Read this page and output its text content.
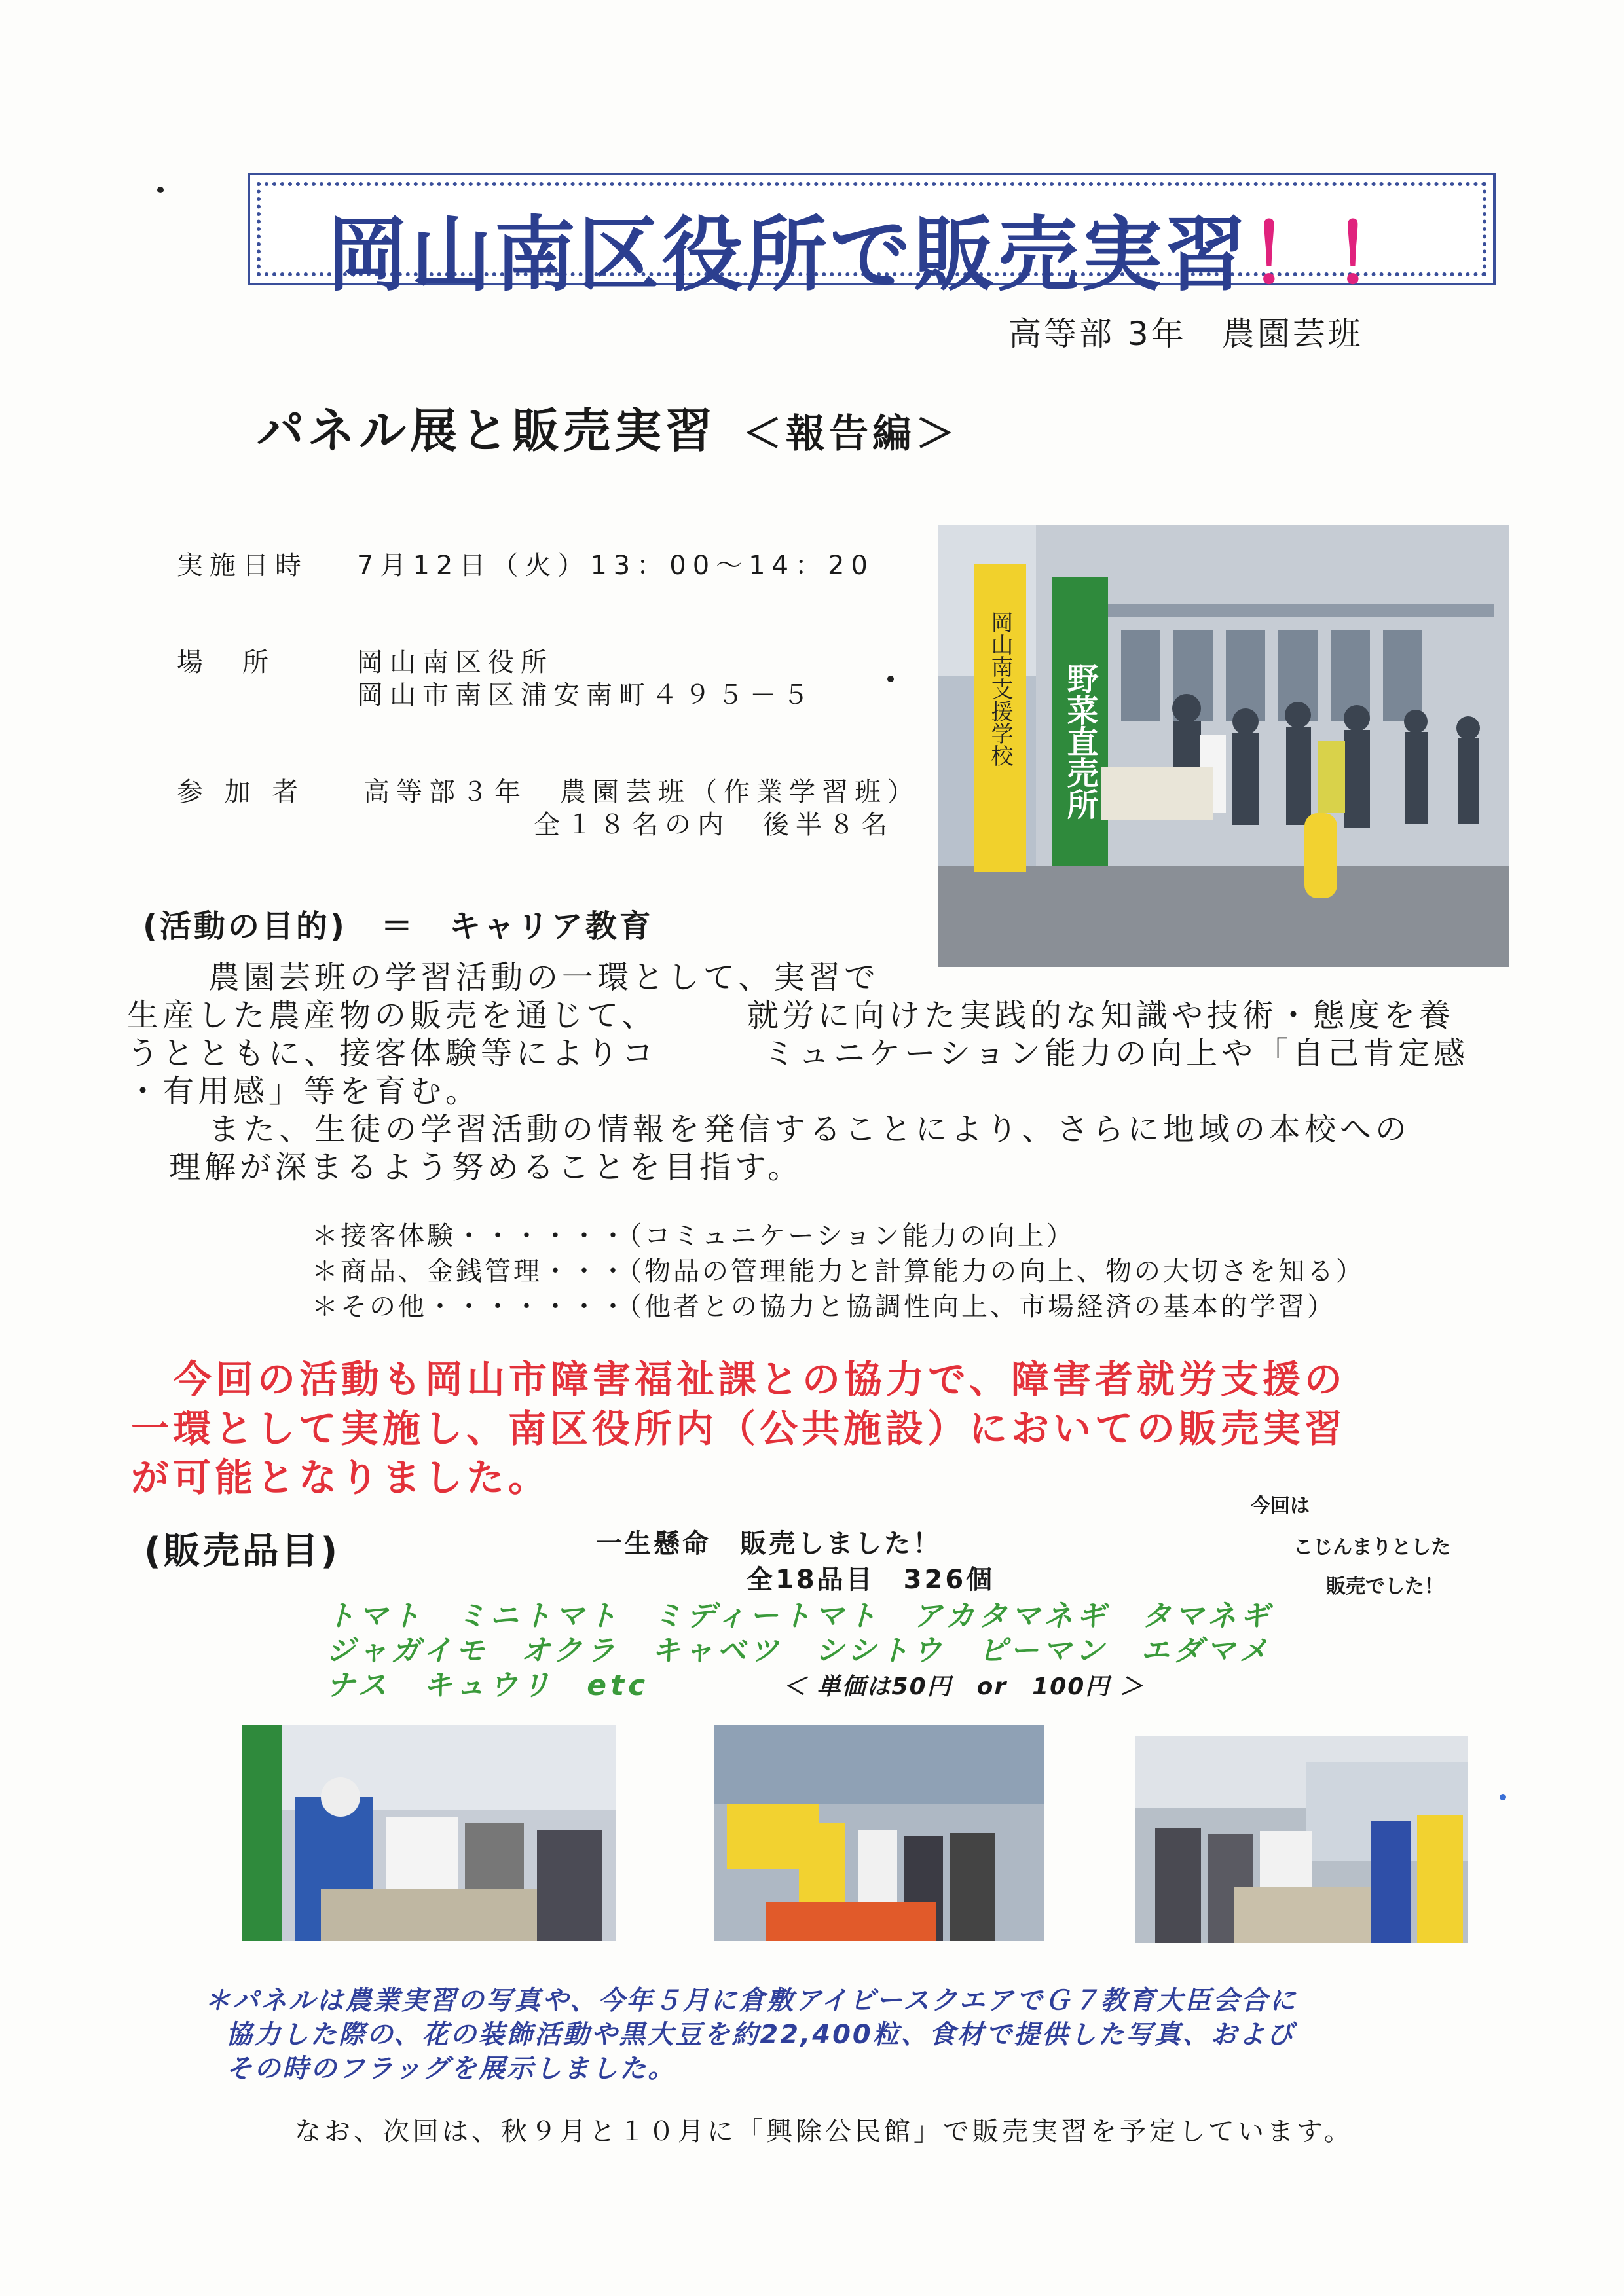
岡山南区役所で販売実習！！
高等部 3年　農園芸班
パネル展と販売実習 ＜報告編＞
実施日時 7月12日（火）13：00～14：20
場　所	岡山南区役所
岡山市南区浦安南町４９５－５
参 加 者 高等部３年　農園芸班（作業学習班）
全１８名の内　後半８名
岡山南支援学校 野菜直売所
(活動の目的)　＝　キャリア教育
農園芸班の学習活動の一環として、実習で
生産した農産物の販売を通じて、　　　就労に向けた実践的な知識や技術・態度を養
うとともに、接客体験等によりコ　　　ミュニケーション能力の向上や「自己肯定感
・有用感」等を育む。
また、生徒の学習活動の情報を発信することにより、さらに地域の本校への
理解が深まるよう努めることを目指す。
＊接客体験・・・・・・（コミュニケーション能力の向上）
＊商品、金銭管理・・・（物品の管理能力と計算能力の向上、物の大切さを知る）
＊その他・・・・・・・（他者との協力と協調性向上、市場経済の基本的学習）
今回の活動も岡山市障害福祉課との協力で、障害者就労支援の
一環として実施し、南区役所内（公共施設）においての販売実習
が可能となりました。
(販売品目)	一生懸命　販売しました！
全18品目　326個
今回は
こじんまりとした
販売でした！
トマト　ミニトマト　ミディートマト　アカタマネギ　タマネギ
ジャガイモ　オクラ　キャベツ　シシトウ　ピーマン　エダマメ
ナス　キュウリ　etc	＜ 単価は50円　or　100円 ＞
＊パネルは農業実習の写真や、今年５月に倉敷アイビースクエアでＧ７教育大臣会合に
協力した際の、花の装飾活動や黒大豆を約22,400粒、食材で提供した写真、および
その時のフラッグを展示しました。
なお、次回は、秋９月と１０月に「興除公民館」で販売実習を予定しています。
